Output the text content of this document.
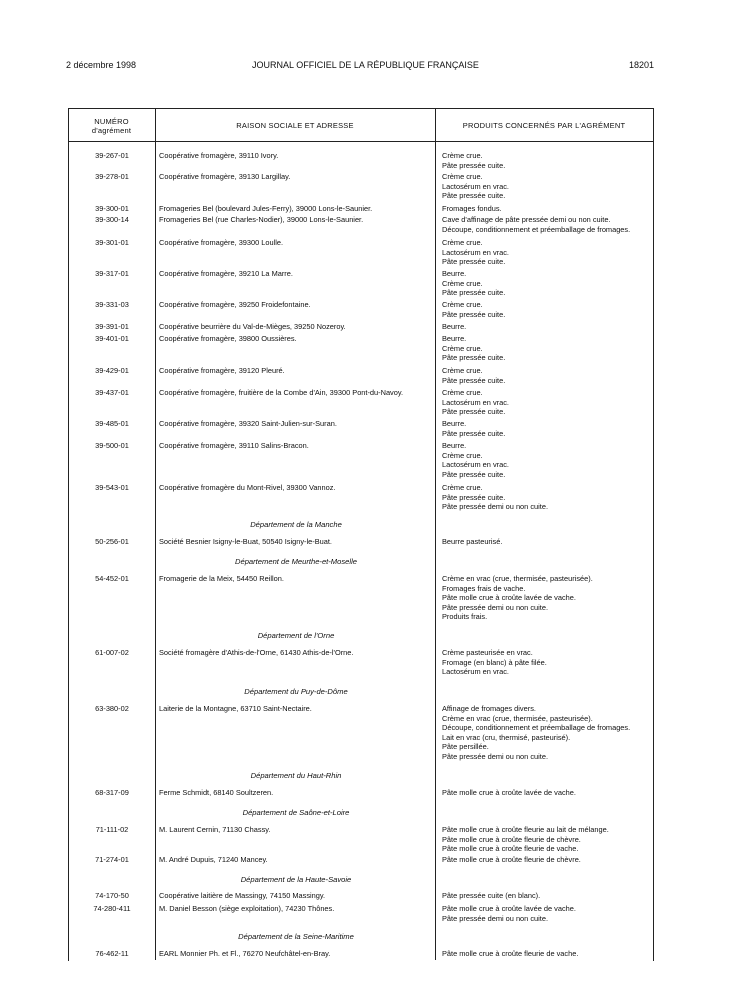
2 décembre 1998	JOURNAL OFFICIEL DE LA RÉPUBLIQUE FRANÇAISE	18201
NUMÉRO
d'agrément
RAISON SOCIALE ET ADRESSE	PRODUITS CONCERNÉS PAR L'AGRÉMENT
39-267-01	Coopérative fromagère, 39110 Ivory.	Crème crue.
Pâte pressée cuite.
39-278-01	Coopérative fromagère, 39130 Largillay.	Crème crue.
Lactosérum en vrac.
Pâte pressée cuite.
39-300-01	Fromageries Bel (boulevard Jules-Ferry), 39000 Lons-le-Saunier.	Fromages fondus.
39-300-14	Fromageries Bel (rue Charles-Nodier), 39000 Lons-le-Saunier.	Cave d'affinage de pâte pressée demi ou non cuite.
Découpe, conditionnement et préemballage de fromages.
39-301-01	Coopérative fromagère, 39300 Loulle.	Crème crue.
Lactosérum en vrac.
Pâte pressée cuite.
39-317-01	Coopérative fromagère, 39210 La Marre.	Beurre.
Crème crue.
Pâte pressée cuite.
39-331-03	Coopérative fromagère, 39250 Froidefontaine.	Crème crue.
Pâte pressée cuite.
39-391-01	Coopérative beurrière du Val-de-Mièges, 39250 Nozeroy.	Beurre.
39-401-01	Coopérative fromagère, 39800 Oussières.	Beurre.
Crème crue.
Pâte pressée cuite.
39-429-01	Coopérative fromagère, 39120 Pleuré.	Crème crue.
Pâte pressée cuite.
39-437-01	Coopérative fromagère, fruitière de la Combe d'Ain, 39300 Pont-du-Navoy.	Crème crue.
Lactosérum en vrac.
Pâte pressée cuite.
39-485-01	Coopérative fromagère, 39320 Saint-Julien-sur-Suran.	Beurre.
Pâte pressée cuite.
39-500-01	Coopérative fromagère, 39110 Salins-Bracon.	Beurre.
Crème crue.
Lactosérum en vrac.
Pâte pressée cuite.
39-543-01	Coopérative fromagère du Mont-Rivel, 39300 Vannoz.	Crème crue.
Pâte pressée cuite.
Pâte pressée demi ou non cuite.
Département de la Manche
50-256-01	Société Besnier Isigny-le-Buat, 50540 Isigny-le-Buat.	Beurre pasteurisé.
Département de Meurthe-et-Moselle
54-452-01	Fromagerie de la Meix, 54450 Reillon.	Crème en vrac (crue, thermisée, pasteurisée).
Fromages frais de vache.
Pâte molle crue à croûte lavée de vache.
Pâte pressée demi ou non cuite.
Produits frais.
Département de l'Orne
61-007-02	Société fromagère d'Athis-de-l'Orne, 61430 Athis-de-l'Orne.	Crème pasteurisée en vrac.
Fromage (en blanc) à pâte filée.
Lactosérum en vrac.
Département du Puy-de-Dôme
63-380-02	Laiterie de la Montagne, 63710 Saint-Nectaire.	Affinage de fromages divers.
Crème en vrac (crue, thermisée, pasteurisée).
Découpe, conditionnement et préemballage de fromages.
Lait en vrac (cru, thermisé, pasteurisé).
Pâte persillée.
Pâte pressée demi ou non cuite.
Département du Haut-Rhin
68-317-09	Ferme Schmidt, 68140 Soultzeren.	Pâte molle crue à croûte lavée de vache.
Département de Saône-et-Loire
71-111-02	M. Laurent Cernin, 71130 Chassy.	Pâte molle crue à croûte fleurie au lait de mélange.
Pâte molle crue à croûte fleurie de chèvre.
Pâte molle crue à croûte fleurie de vache.
71-274-01	M. André Dupuis, 71240 Mancey.	Pâte molle crue à croûte fleurie de chèvre.
Département de la Haute-Savoie
74-170-50	Coopérative laitière de Massingy, 74150 Massingy.	Pâte pressée cuite (en blanc).
74-280-411	M. Daniel Besson (siège exploitation), 74230 Thônes.	Pâte molle crue à croûte lavée de vache.
Pâte pressée demi ou non cuite.
Département de la Seine-Maritime
76-462-11	EARL Monnier Ph. et Fl., 76270 Neufchâtel-en-Bray.	Pâte molle crue à croûte fleurie de vache.
